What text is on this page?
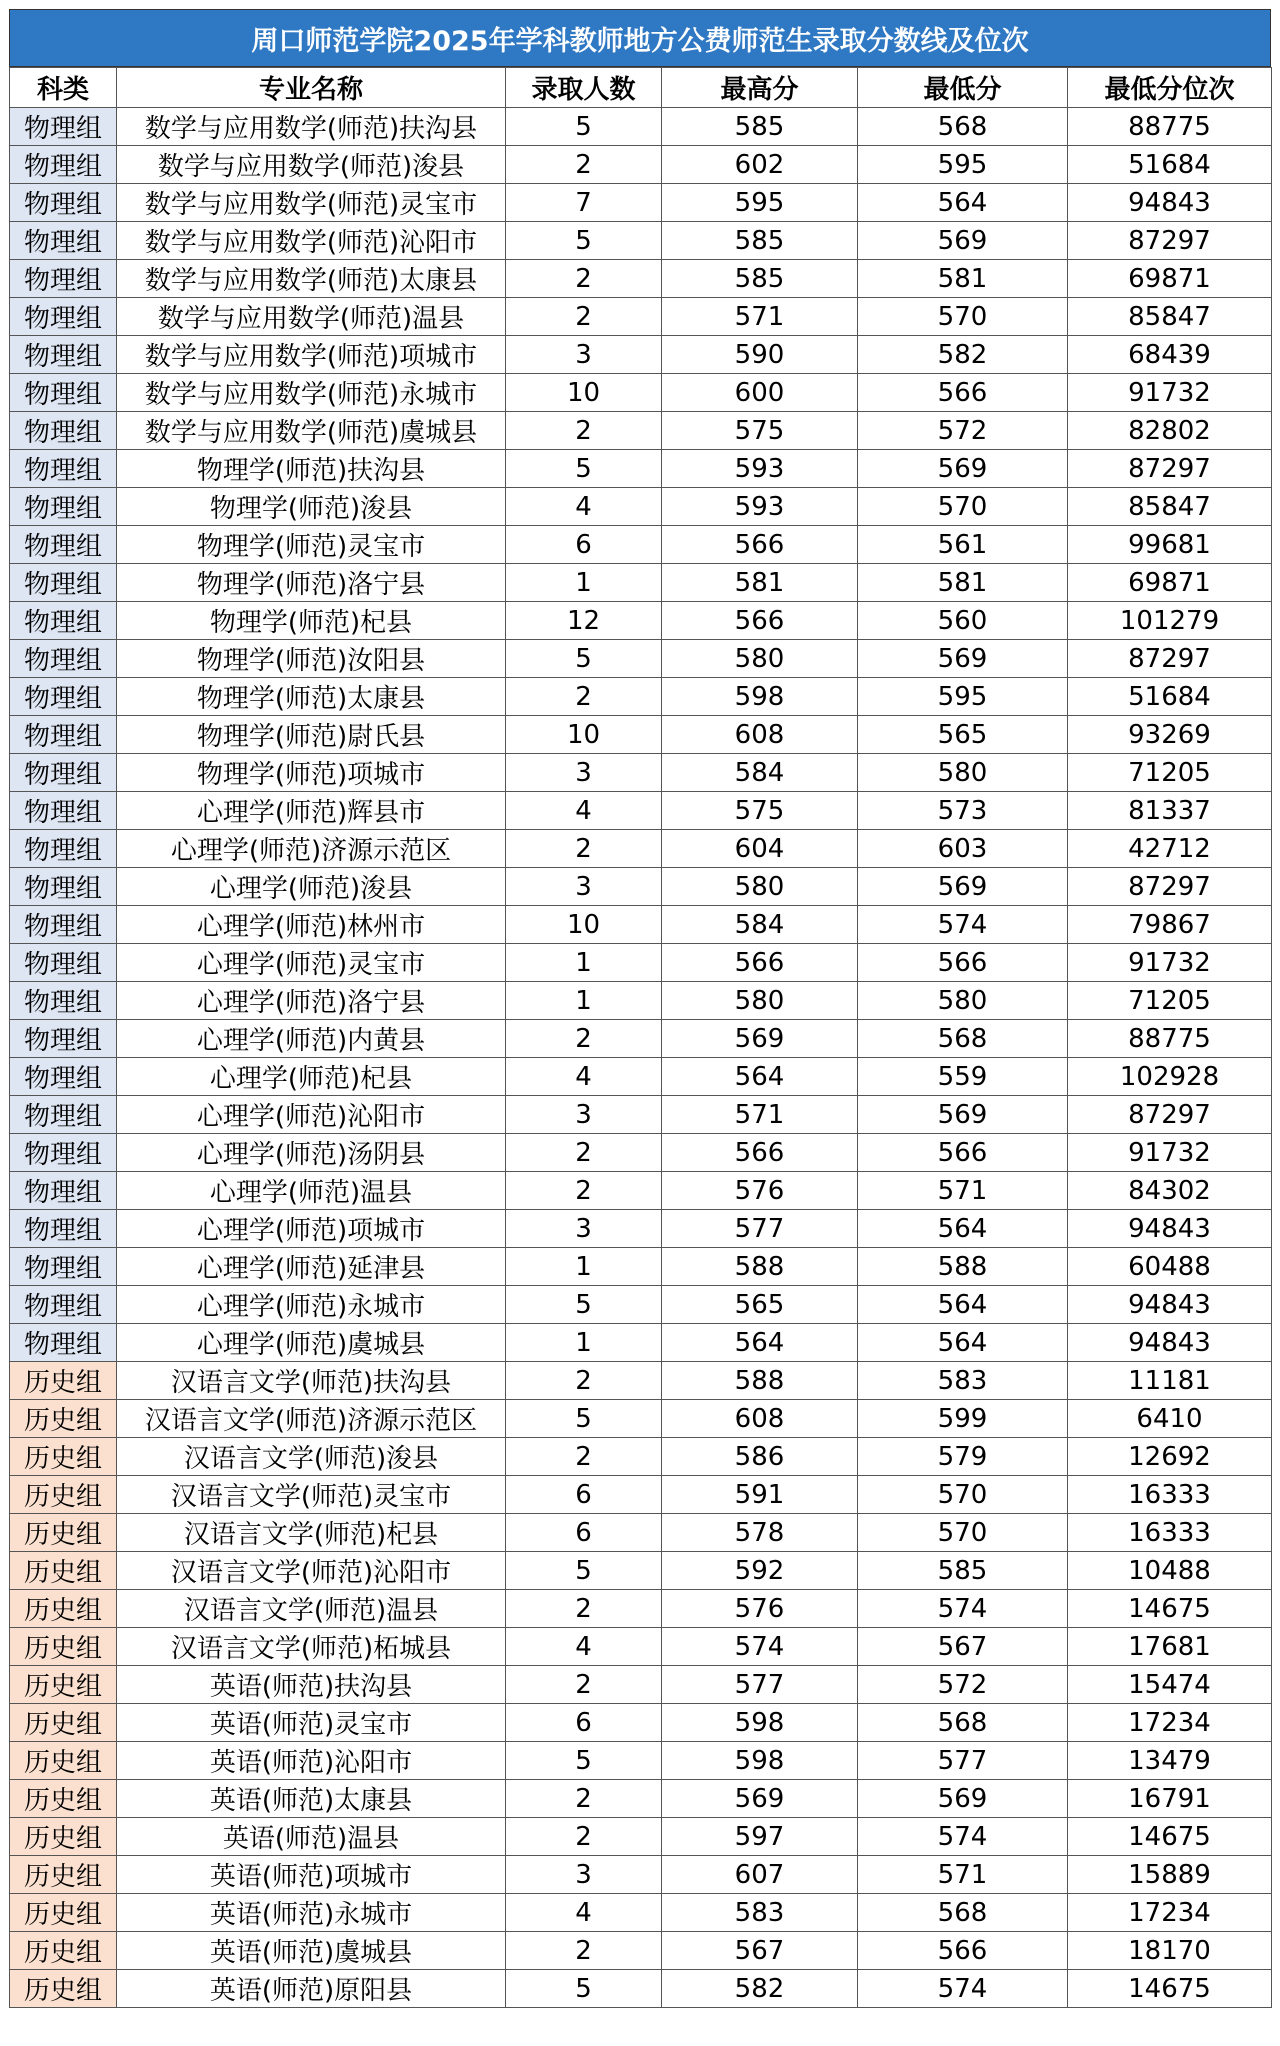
周口师范学院2025年学科教师地方公费师范生录取分数线及位次
科类	专业名称	录取人数	最高分	最低分	最低分位次
物理组	数学与应用数学(师范)扶沟县	5	585	568	88775
物理组	数学与应用数学(师范)浚县	2	602	595	51684
物理组	数学与应用数学(师范)灵宝市	7	595	564	94843
物理组	数学与应用数学(师范)沁阳市	5	585	569	87297
物理组	数学与应用数学(师范)太康县	2	585	581	69871
物理组	数学与应用数学(师范)温县	2	571	570	85847
物理组	数学与应用数学(师范)项城市	3	590	582	68439
物理组	数学与应用数学(师范)永城市	10	600	566	91732
物理组	数学与应用数学(师范)虞城县	2	575	572	82802
物理组	物理学(师范)扶沟县	5	593	569	87297
物理组	物理学(师范)浚县	4	593	570	85847
物理组	物理学(师范)灵宝市	6	566	561	99681
物理组	物理学(师范)洛宁县	1	581	581	69871
物理组	物理学(师范)杞县	12	566	560	101279
物理组	物理学(师范)汝阳县	5	580	569	87297
物理组	物理学(师范)太康县	2	598	595	51684
物理组	物理学(师范)尉氏县	10	608	565	93269
物理组	物理学(师范)项城市	3	584	580	71205
物理组	心理学(师范)辉县市	4	575	573	81337
物理组	心理学(师范)济源示范区	2	604	603	42712
物理组	心理学(师范)浚县	3	580	569	87297
物理组	心理学(师范)林州市	10	584	574	79867
物理组	心理学(师范)灵宝市	1	566	566	91732
物理组	心理学(师范)洛宁县	1	580	580	71205
物理组	心理学(师范)内黄县	2	569	568	88775
物理组	心理学(师范)杞县	4	564	559	102928
物理组	心理学(师范)沁阳市	3	571	569	87297
物理组	心理学(师范)汤阴县	2	566	566	91732
物理组	心理学(师范)温县	2	576	571	84302
物理组	心理学(师范)项城市	3	577	564	94843
物理组	心理学(师范)延津县	1	588	588	60488
物理组	心理学(师范)永城市	5	565	564	94843
物理组	心理学(师范)虞城县	1	564	564	94843
历史组	汉语言文学(师范)扶沟县	2	588	583	11181
历史组	汉语言文学(师范)济源示范区	5	608	599	6410
历史组	汉语言文学(师范)浚县	2	586	579	12692
历史组	汉语言文学(师范)灵宝市	6	591	570	16333
历史组	汉语言文学(师范)杞县	6	578	570	16333
历史组	汉语言文学(师范)沁阳市	5	592	585	10488
历史组	汉语言文学(师范)温县	2	576	574	14675
历史组	汉语言文学(师范)柘城县	4	574	567	17681
历史组	英语(师范)扶沟县	2	577	572	15474
历史组	英语(师范)灵宝市	6	598	568	17234
历史组	英语(师范)沁阳市	5	598	577	13479
历史组	英语(师范)太康县	2	569	569	16791
历史组	英语(师范)温县	2	597	574	14675
历史组	英语(师范)项城市	3	607	571	15889
历史组	英语(师范)永城市	4	583	568	17234
历史组	英语(师范)虞城县	2	567	566	18170
历史组	英语(师范)原阳县	5	582	574	14675
